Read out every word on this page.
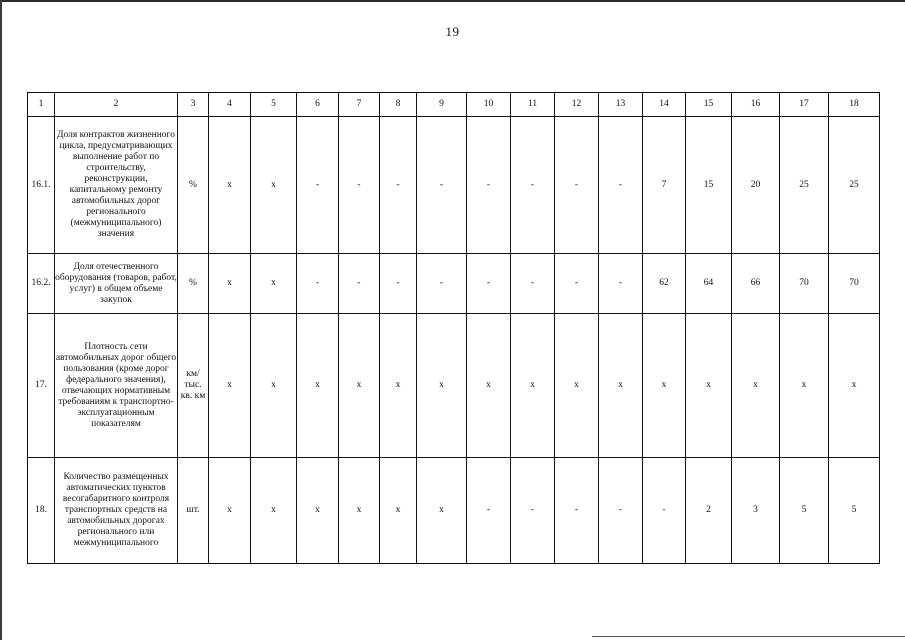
19
1	2	3	4	5	6	7	8	9	10	11	12	13	14	15	16	17	18
16.1.	Доля контрактов жизненного цикла, предусматривающих выполнение работ по строительству, реконструкции, капитальному ремонту автомобильных дорог регионального (межмуниципального) значения	%	х	х	-	-	-	-	-	-	-	-	7	15	20	25	25
16.2.	Доля отечественного оборудования (товаров, работ, услуг) в общем объеме закупок	%	х	х	-	-	-	-	-	-	-	-	62	64	66	70	70
17.	Плотность сети автомобильных дорог общего пользования (кроме дорог федерального значения), отвечающих нормативным требованиям к транспортно-эксплуатационным показателям	км/ тыс. кв. км	х	х	х	х	х	х	х	х	х	х	х	х	х	х	х
18.	Количество размещенных автоматических пунктов весогабаритного контроля транспортных средств на автомобильных дорогах регионального или межмуниципального	шт.	х	х	х	х	х	х	-	-	-	-	-	2	3	5	5
